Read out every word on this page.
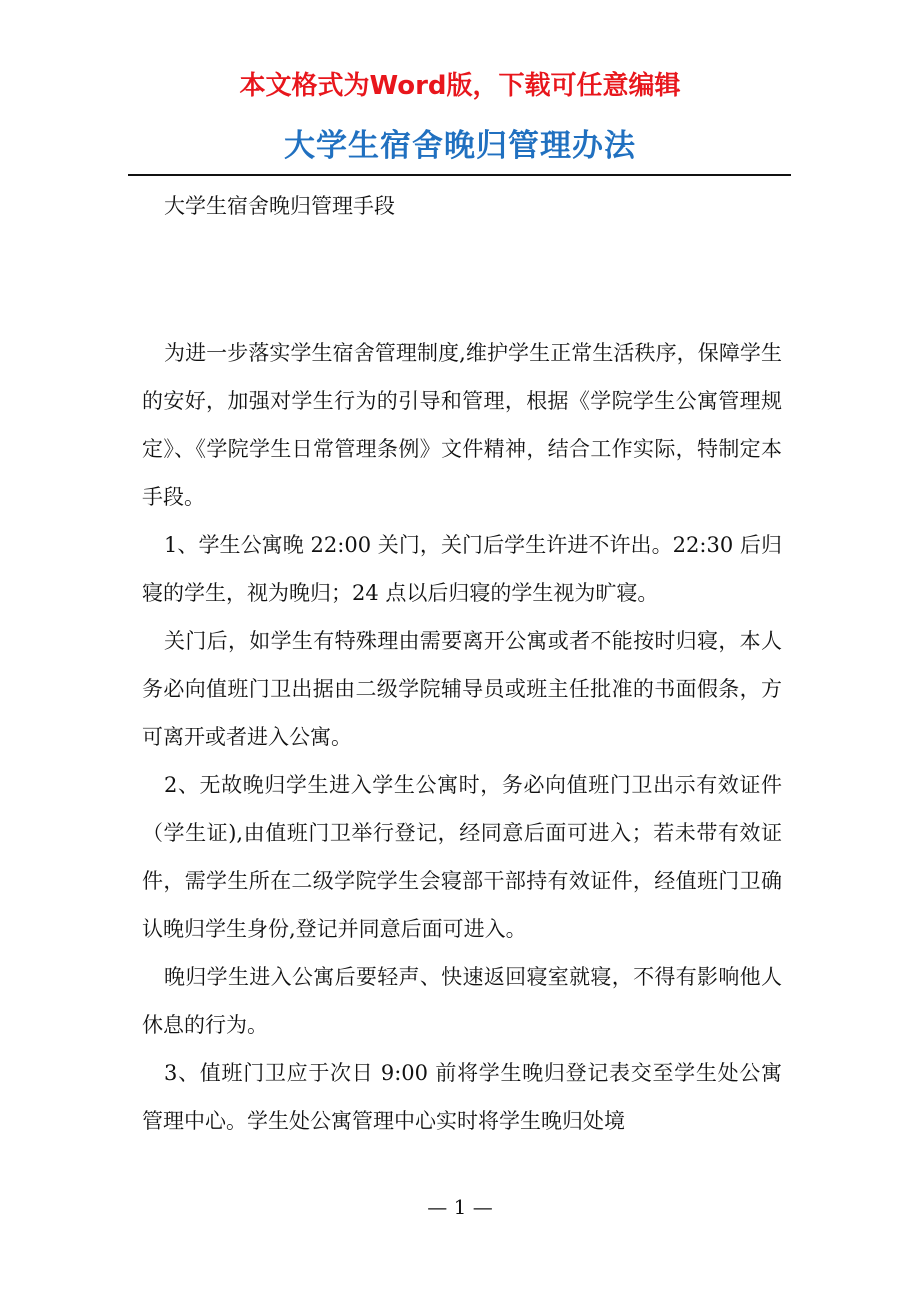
本文格式为Word版，下载可任意编辑
大学生宿舍晚归管理办法
大学生宿舍晚归管理手段

为进一步落实学生宿舍管理制度,维护学生正常生活秩序，保障学生的安好，加强对学生行为的引导和管理，根据《学院学生公寓管理规定》、《学院学生日常管理条例》文件精神，结合工作实际，特制定本手段。

1、学生公寓晚 22:00 关门，关门后学生许进不许出。22:30 后归寝的学生，视为晚归；24 点以后归寝的学生视为旷寝。

关门后，如学生有特殊理由需要离开公寓或者不能按时归寝，本人务必向值班门卫出据由二级学院辅导员或班主任批准的书面假条，方可离开或者进入公寓。

2、无故晚归学生进入学生公寓时，务必向值班门卫出示有效证件（学生证),由值班门卫举行登记，经同意后面可进入；若未带有效证件，需学生所在二级学院学生会寝部干部持有效证件，经值班门卫确认晚归学生身份,登记并同意后面可进入。

晚归学生进入公寓后要轻声、快速返回寝室就寝，不得有影响他人休息的行为。

3、值班门卫应于次日 9:00 前将学生晚归登记表交至学生处公寓管理中心。学生处公寓管理中心实时将学生晚归处境

— 1 —
